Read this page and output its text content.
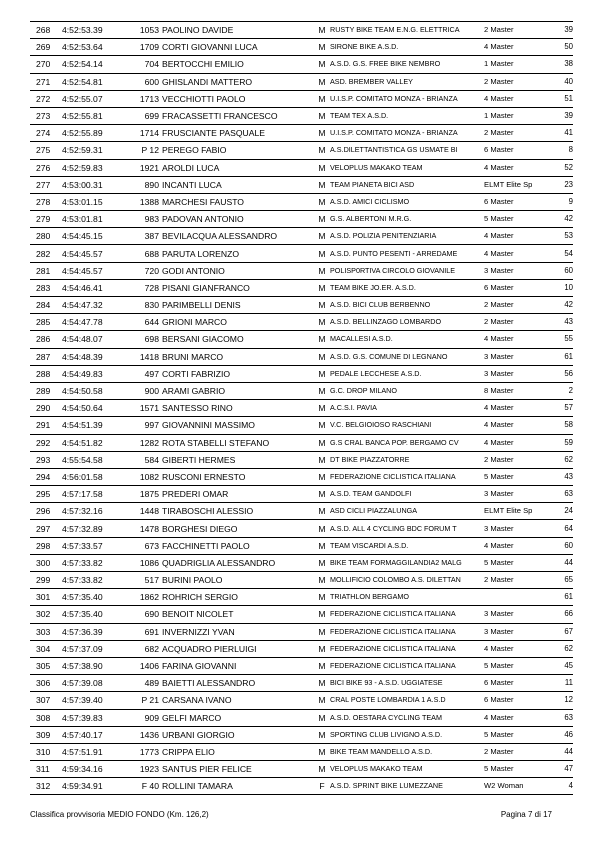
268	4:52:53.39	1053	PAOLINO DAVIDE	M	RUSTY BIKE TEAM E.N.G. ELETTRICA	2 Master	39
269	4:52:53.64	1709	CORTI GIOVANNI LUCA	M	SIRONE BIKE A.S.D.	4 Master	50
270	4:52:54.14	704	BERTOCCHI EMILIO	M	A.S.D. G.S. FREE BIKE NEMBRO	1 Master	38
271	4:52:54.81	600	GHISLANDI MATTERO	M	ASD. BREMBER VALLEY	2 Master	40
272	4:52:55.07	1713	VECCHIOTTI PAOLO	M	U.I.S.P. COMITATO MONZA - BRIANZA	4 Master	51
273	4:52:55.81	699	FRACASSETTI FRANCESCO	M	TEAM TEX A.S.D.	1 Master	39
274	4:52:55.89	1714	FRUSCIANTE PASQUALE	M	U.I.S.P. COMITATO MONZA - BRIANZA	2 Master	41
275	4:52:59.31	P 12	PEREGO FABIO	M	A.S.DILETTANTISTICA GS USMATE BI	6 Master	8
276	4:52:59.83	1921	AROLDI LUCA	M	VELOPLUS MAKAKO TEAM	4 Master	52
277	4:53:00.31	890	INCANTI LUCA	M	TEAM PIANETA BICI ASD	ELMT Elite Sp	23
278	4:53:01.15	1388	MARCHESI FAUSTO	M	A.S.D. AMICI CICLISMO	6 Master	9
279	4:53:01.81	983	PADOVAN ANTONIO	M	G.S. ALBERTONI M.R.G.	5 Master	42
280	4:54:45.15	387	BEVILACQUA ALESSANDRO	M	A.S.D. POLIZIA PENITENZIARIA	4 Master	53
282	4:54:45.57	688	PARUTA LORENZO	M	A.S.D. PUNTO PESENTI - ARREDAME	4 Master	54
281	4:54:45.57	720	GODI ANTONIO	M	POLISP0RTIVA CIRCOLO GIOVANILE	3 Master	60
283	4:54:46.41	728	PISANI GIANFRANCO	M	TEAM BIKE JO.ER. A.S.D.	6 Master	10
284	4:54:47.32	830	PARIMBELLI DENIS	M	A.S.D. BICI CLUB BERBENNO	2 Master	42
285	4:54:47.78	644	GRIONI MARCO	M	A.S.D. BELLINZAGO LOMBARDO	2 Master	43
286	4:54:48.07	698	BERSANI GIACOMO	M	MACALLESI A.S.D.	4 Master	55
287	4:54:48.39	1418	BRUNI MARCO	M	A.S.D. G.S. COMUNE DI LEGNANO	3 Master	61
288	4:54:49.83	497	CORTI FABRIZIO	M	PEDALE LECCHESE A.S.D.	3 Master	56
289	4:54:50.58	900	ARAMI GABRIO	M	G.C. DROP MILANO	8 Master	2
290	4:54:50.64	1571	SANTESSO RINO	M	A.C.S.I. PAVIA	4 Master	57
291	4:54:51.39	997	GIOVANNINI MASSIMO	M	V.C. BELGIOIOSO RASCHIANI	4 Master	58
292	4:54:51.82	1282	ROTA STABELLI STEFANO	M	G.S CRAL BANCA POP. BERGAMO CV	4 Master	59
293	4:55:54.58	584	GIBERTI HERMES	M	DT BIKE PIAZZATORRE	2 Master	62
294	4:56:01.58	1082	RUSCONI ERNESTO	M	FEDERAZIONE CICLISTICA ITALIANA	5 Master	43
295	4:57:17.58	1875	PREDERI OMAR	M	A.S.D. TEAM GANDOLFI	3 Master	63
296	4:57:32.16	1448	TIRABOSCHI ALESSIO	M	ASD CICLI PIAZZALUNGA	ELMT Elite Sp	24
297	4:57:32.89	1478	BORGHESI DIEGO	M	A.S.D. ALL 4 CYCLING BDC FORUM T	3 Master	64
298	4:57:33.57	673	FACCHINETTI PAOLO	M	TEAM VISCARDI A.S.D.	4 Master	60
300	4:57:33.82	1086	QUADRIGLIA ALESSANDRO	M	BIKE TEAM FORMAGGILANDIA2 MALG	5 Master	44
299	4:57:33.82	517	BURINI PAOLO	M	MOLLIFICIO COLOMBO A.S. DILETTAN	2 Master	65
301	4:57:35.40	1862	ROHRICH SERGIO	M	TRIATHLON BERGAMO		61
302	4:57:35.40	690	BENOIT NICOLET	M	FEDERAZIONE CICLISTICA ITALIANA	3 Master	66
303	4:57:36.39	691	INVERNIZZI YVAN	M	FEDERAZIONE CICLISTICA ITALIANA	3 Master	67
304	4:57:37.09	682	ACQUADRO PIERLUIGI	M	FEDERAZIONE CICLISTICA ITALIANA	4 Master	62
305	4:57:38.90	1406	FARINA GIOVANNI	M	FEDERAZIONE CICLISTICA ITALIANA	5 Master	45
306	4:57:39.08	489	BAIETTI ALESSANDRO	M	BICI BIKE 93 - A.S.D. UGGIATESE	6 Master	11
307	4:57:39.40	P 21	CARSANA IVANO	M	CRAL POSTE LOMBARDIA 1 A.S.D	6 Master	12
308	4:57:39.83	909	GELFI MARCO	M	A.S.D. OESTARA CYCLING TEAM	4 Master	63
309	4:57:40.17	1436	URBANI GIORGIO	M	SPORTING CLUB LIVIGNO A.S.D.	5 Master	46
310	4:57:51.91	1773	CRIPPA ELIO	M	BIKE TEAM MANDELLO A.S.D.	2 Master	44
311	4:59:34.16	1923	SANTUS PIER FELICE	M	VELOPLUS MAKAKO TEAM	5 Master	47
312	4:59:34.91	F 40	ROLLINI TAMARA	F	A.S.D. SPRINT BIKE LUMEZZANE	W2 Woman	4
Classifica provvisoria MEDIO FONDO (Km. 126,2)	Pagina 7 di 17
